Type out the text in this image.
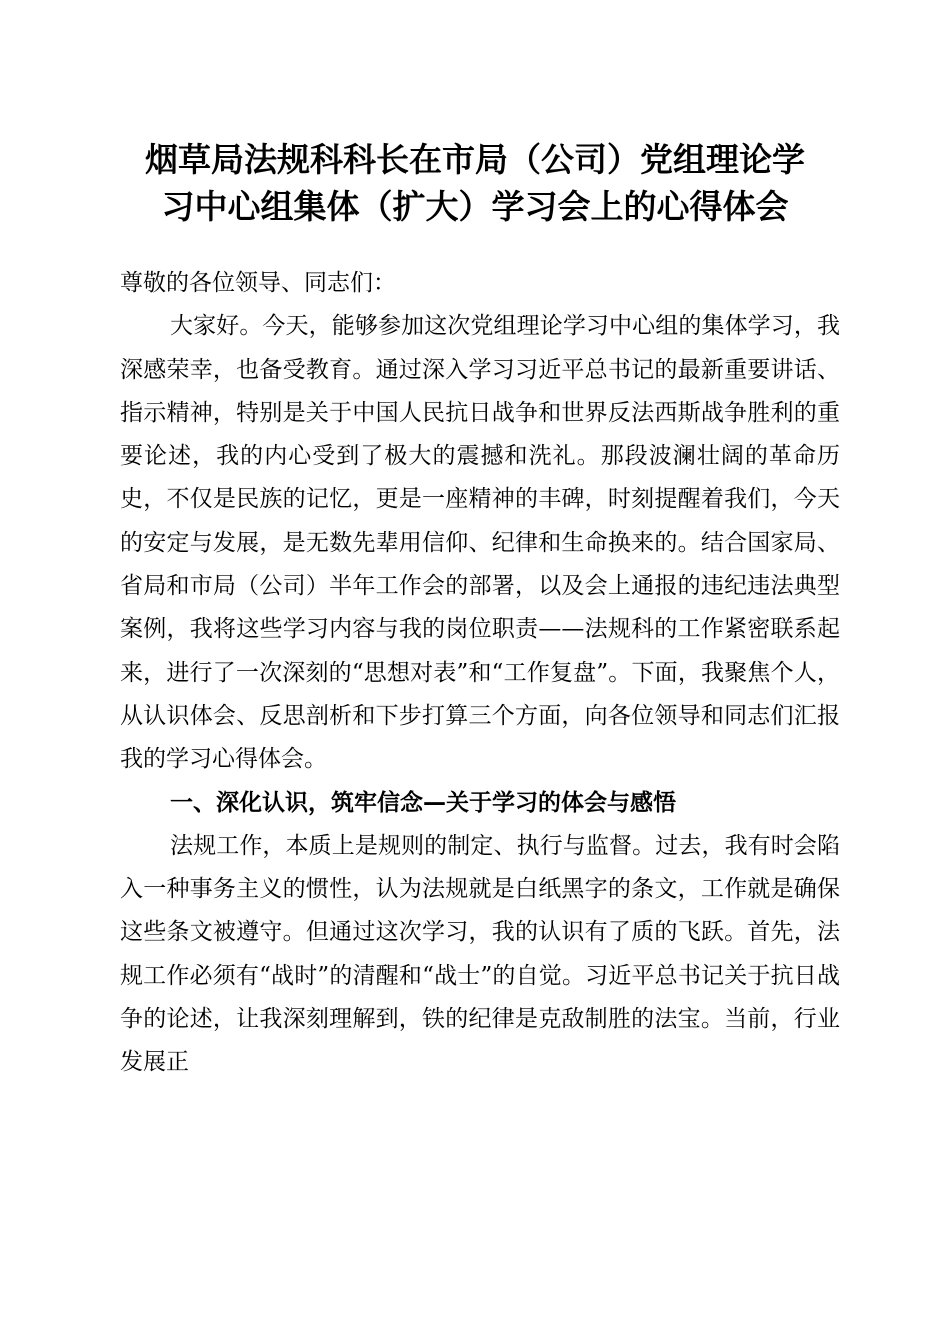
烟草局法规科科长在市局（公司）党组理论学
习中心组集体（扩大）学习会上的心得体会

尊敬的各位领导、同志们：

大家好。今天，能够参加这次党组理论学习中心组的集体学习，我深感荣幸，也备受教育。通过深入学习习近平总书记的最新重要讲话、指示精神，特别是关于中国人民抗日战争和世界反法西斯战争胜利的重要论述，我的内心受到了极大的震撼和洗礼。那段波澜壮阔的革命历史，不仅是民族的记忆，更是一座精神的丰碑，时刻提醒着我们，今天的安定与发展，是无数先辈用信仰、纪律和生命换来的。结合国家局、省局和市局（公司）半年工作会的部署，以及会上通报的违纪违法典型案例，我将这些学习内容与我的岗位职责——法规科的工作紧密联系起来，进行了一次深刻的“思想对表”和“工作复盘”。下面，我聚焦个人，从认识体会、反思剖析和下步打算三个方面，向各位领导和同志们汇报我的学习心得体会。

一、深化认识，筑牢信念—关于学习的体会与感悟

法规工作，本质上是规则的制定、执行与监督。过去，我有时会陷入一种事务主义的惯性，认为法规就是白纸黑字的条文，工作就是确保这些条文被遵守。但通过这次学习，我的认识有了质的飞跃。首先，法规工作必须有“战时”的清醒和“战士”的自觉。习近平总书记关于抗日战争的论述，让我深刻理解到，铁的纪律是克敌制胜的法宝。当前，行业发展正
